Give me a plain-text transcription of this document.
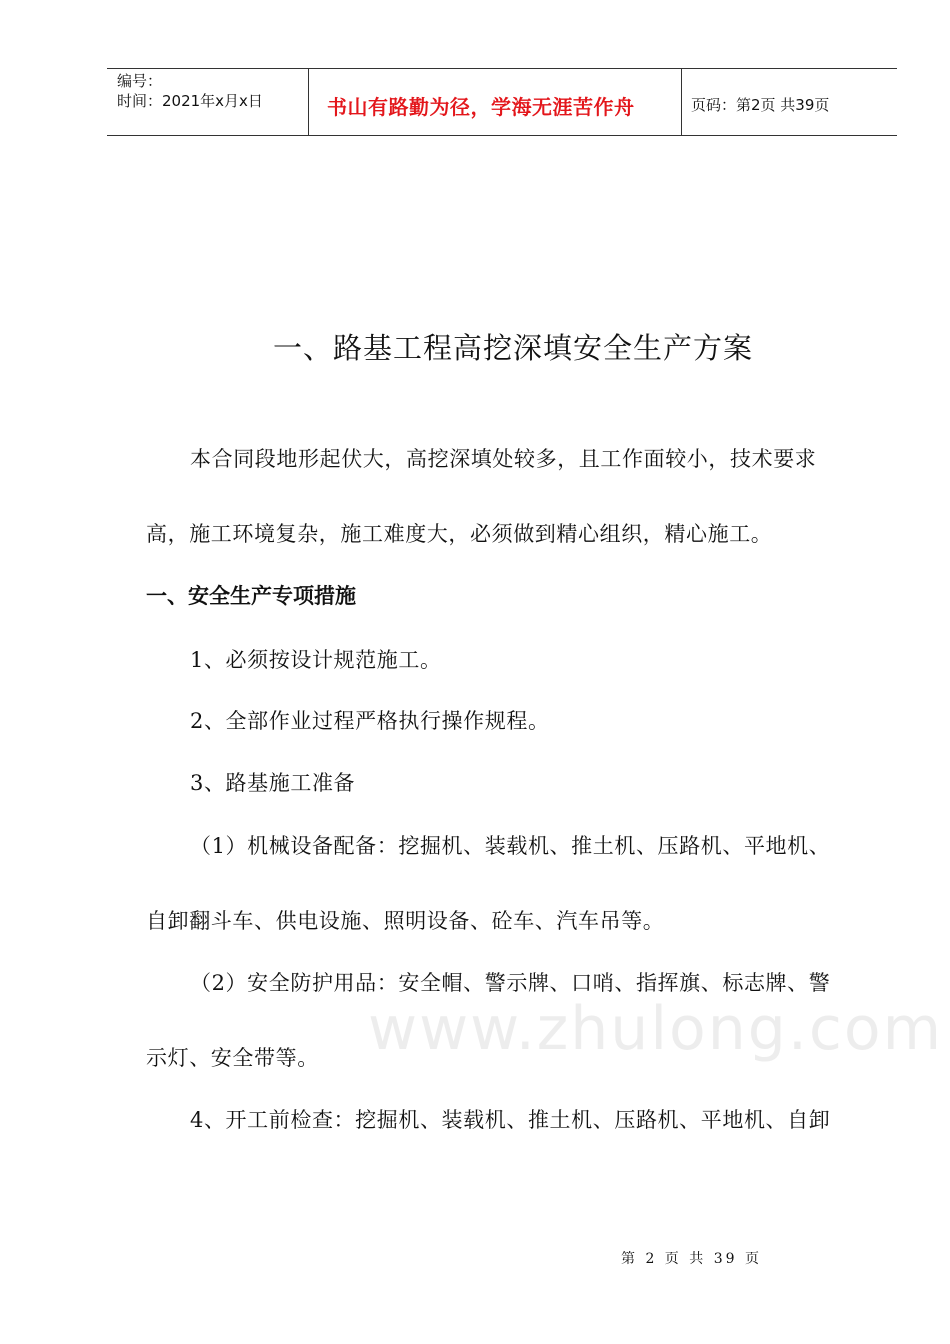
编号：
时间：2021年x月x日	书山有路勤为径，学海无涯苦作舟	页码：第2页 共39页
一、路基工程高挖深填安全生产方案
本合同段地形起伏大，高挖深填处较多，且工作面较小，技术要求
高，施工环境复杂，施工难度大，必须做到精心组织，精心施工。
一、安全生产专项措施
1、必须按设计规范施工。
2、全部作业过程严格执行操作规程。
3、路基施工准备
（1）机械设备配备：挖掘机、装载机、推土机、压路机、平地机、
自卸翻斗车、供电设施、照明设备、砼车、汽车吊等。
（2）安全防护用品：安全帽、警示牌、口哨、指挥旗、标志牌、警
示灯、安全带等。
4、开工前检查：挖掘机、装载机、推土机、压路机、平地机、自卸
www.zhulong.com
第 2 页 共 39 页
